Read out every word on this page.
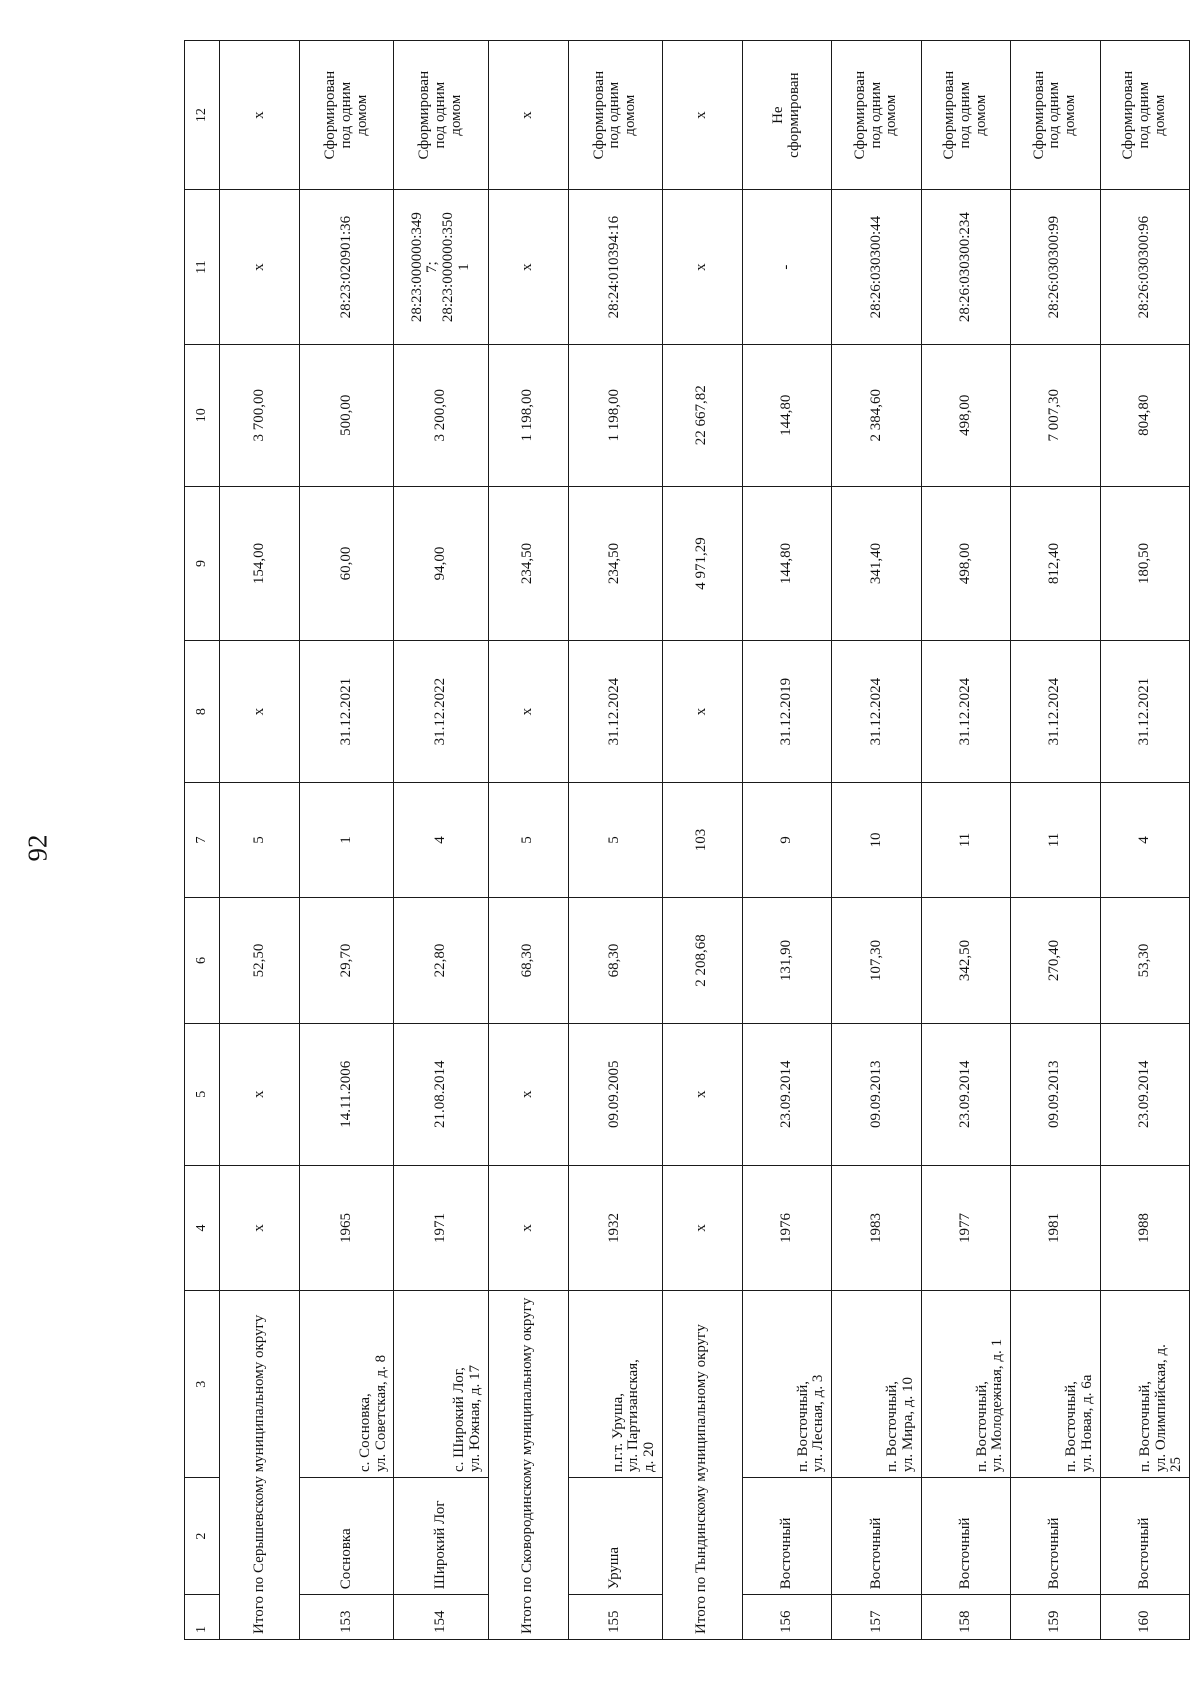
92
1	2	3	4	5	6	7	8	9	10	11	12
Итого по Серышевскому муниципальному округу			x	x	52,50	5	x	154,00	3 700,00	x	x
153	Сосновка	с. Сосновка,
ул. Советская, д. 8	1965	14.11.2006	29,70	1	31.12.2021	60,00	500,00	28:23:020901:36	Сформирован
под одним
домом
154	Широкий Лог	с. Широкий Лог,
ул. Южная, д. 17	1971	21.08.2014	22,80	4	31.12.2022	94,00	3 200,00	28:23:000000:349
7;
28:23:000000:350
1	Сформирован
под одним
домом
Итого по Сковородинскому муниципальному округу			x	x	68,30	5	x	234,50	1 198,00	x	x
155	Уруша	п.г.т. Уруша,
ул. Партизанская,
д. 20	1932	09.09.2005	68,30	5	31.12.2024	234,50	1 198,00	28:24:010394:16	Сформирован
под одним
домом
Итого по Тындинскому муниципальному округу			x	x	2 208,68	103	x	4 971,29	22 667,82	x	x
156	Восточный	п. Восточный,
ул. Лесная, д. 3	1976	23.09.2014	131,90	9	31.12.2019	144,80	144,80	-	Не
сформирован
157	Восточный	п. Восточный,
ул. Мира, д. 10	1983	09.09.2013	107,30	10	31.12.2024	341,40	2 384,60	28:26:030300:44	Сформирован
под одним
домом
158	Восточный	п. Восточный,
ул. Молодежная, д. 1	1977	23.09.2014	342,50	11	31.12.2024	498,00	498,00	28:26:030300:234	Сформирован
под одним
домом
159	Восточный	п. Восточный,
ул. Новая, д. 6а	1981	09.09.2013	270,40	11	31.12.2024	812,40	7 007,30	28:26:030300:99	Сформирован
под одним
домом
160	Восточный	п. Восточный,
ул. Олимпийская, д.
25	1988	23.09.2014	53,30	4	31.12.2021	180,50	804,80	28:26:030300:96	Сформирован
под одним
домом
